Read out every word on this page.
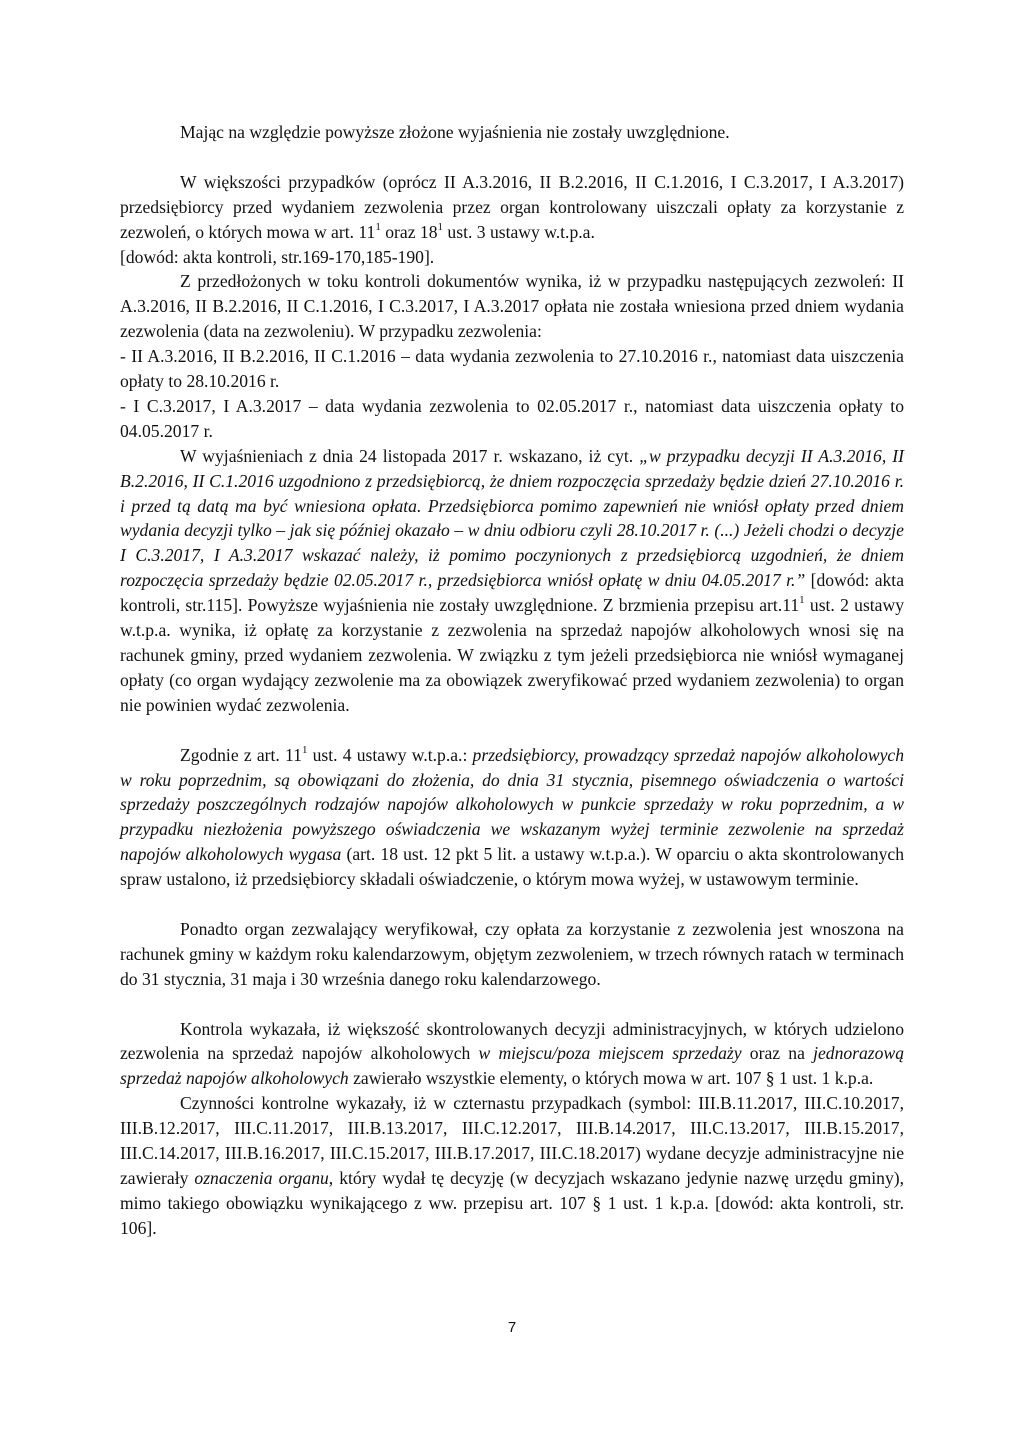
Mając na względzie powyższe złożone wyjaśnienia nie zostały uwzględnione.

W większości przypadków (oprócz II A.3.2016, II B.2.2016, II C.1.2016, I C.3.2017, I A.3.2017) przedsiębiorcy przed wydaniem zezwolenia przez organ kontrolowany uiszczali opłaty za korzystanie z zezwoleń, o których mowa w art. $11^1$ oraz $18^1$ ust. 3 ustawy w.t.p.a.

[dowód: akta kontroli, str.169-170,185-190].

Z przedłożonych w toku kontroli dokumentów wynika, iż w przypadku następujących zezwoleń: II A.3.2016, II B.2.2016, II C.1.2016, I C.3.2017, I A.3.2017 opłata nie została wniesiona przed dniem wydania zezwolenia (data na zezwoleniu). W przypadku zezwolenia:

- II A.3.2016, II B.2.2016, II C.1.2016 – data wydania zezwolenia to 27.10.2016 r., natomiast data uiszczenia opłaty to 28.10.2016 r.

- I C.3.2017, I A.3.2017 – data wydania zezwolenia to 02.05.2017 r., natomiast data uiszczenia opłaty to 04.05.2017 r.

W wyjaśnieniach z dnia 24 listopada 2017 r. wskazano, iż cyt. „w przypadku decyzji II A.3.2016, II B.2.2016, II C.1.2016 uzgodniono z przedsiębiorcą, że dniem rozpoczęcia sprzedaży będzie dzień 27.10.2016 r. i przed tą datą ma być wniesiona opłata. Przedsiębiorca pomimo zapewnień nie wniósł opłaty przed dniem wydania decyzji tylko – jak się później okazało – w dniu odbioru czyli 28.10.2017 r. (...) Jeżeli chodzi o decyzje I C.3.2017, I A.3.2017 wskazać należy, iż pomimo poczynionych z przedsiębiorcą uzgodnień, że dniem rozpoczęcia sprzedaży będzie 02.05.2017 r., przedsiębiorca wniósł opłatę w dniu 04.05.2017 r.” [dowód: akta kontroli, str.115]. Powyższe wyjaśnienia nie zostały uwzględnione. Z brzmienia przepisu $art.11^1$ ust. 2 ustawy w.t.p.a. wynika, iż opłatę za korzystanie z zezwolenia na sprzedaż napojów alkoholowych wnosi się na rachunek gminy, przed wydaniem zezwolenia. W związku z tym jeżeli przedsiębiorca nie wniósł wymaganej opłaty (co organ wydający zezwolenie ma za obowiązek zweryfikować przed wydaniem zezwolenia) to organ nie powinien wydać zezwolenia.

Zgodnie z art. $11^1$ ust. 4 ustawy w.t.p.a.: przedsiębiorcy, prowadzący sprzedaż napojów alkoholowych w roku poprzednim, są obowiązani do złożenia, do dnia 31 stycznia, pisemnego oświadczenia o wartości sprzedaży poszczególnych rodzajów napojów alkoholowych w punkcie sprzedaży w roku poprzednim, a w przypadku niezłożenia powyższego oświadczenia we wskazanym wyżej terminie zezwolenie na sprzedaż napojów alkoholowych wygasa (art. 18 ust. 12 pkt 5 lit. a ustawy w.t.p.a.). W oparciu o akta skontrolowanych spraw ustalono, iż przedsiębiorcy składali oświadczenie, o którym mowa wyżej, w ustawowym terminie.

Ponadto organ zezwalający weryfikował, czy opłata za korzystanie z zezwolenia jest wnoszona na rachunek gminy w każdym roku kalendarzowym, objętym zezwoleniem, w trzech równych ratach w terminach do 31 stycznia, 31 maja i 30 września danego roku kalendarzowego.

Kontrola wykazała, iż większość skontrolowanych decyzji administracyjnych, w których udzielono zezwolenia na sprzedaż napojów alkoholowych w miejscu/poza miejscem sprzedaży oraz na jednorazową sprzedaż napojów alkoholowych zawierało wszystkie elementy, o których mowa w art. 107 § 1 ust. 1 k.p.a.

Czynności kontrolne wykazały, iż w czternastu przypadkach (symbol: III.B.11.2017, III.C.10.2017, III.B.12.2017, III.C.11.2017, III.B.13.2017, III.C.12.2017, III.B.14.2017, III.C.13.2017, III.B.15.2017, III.C.14.2017, III.B.16.2017, III.C.15.2017, III.B.17.2017, III.C.18.2017) wydane decyzje administracyjne nie zawierały oznaczenia organu, który wydał tę decyzję (w decyzjach wskazano jedynie nazwę urzędu gminy), mimo takiego obowiązku wynikającego z ww. przepisu art. 107 § 1 ust. 1 k.p.a. [dowód: akta kontroli, str. 106].

7
